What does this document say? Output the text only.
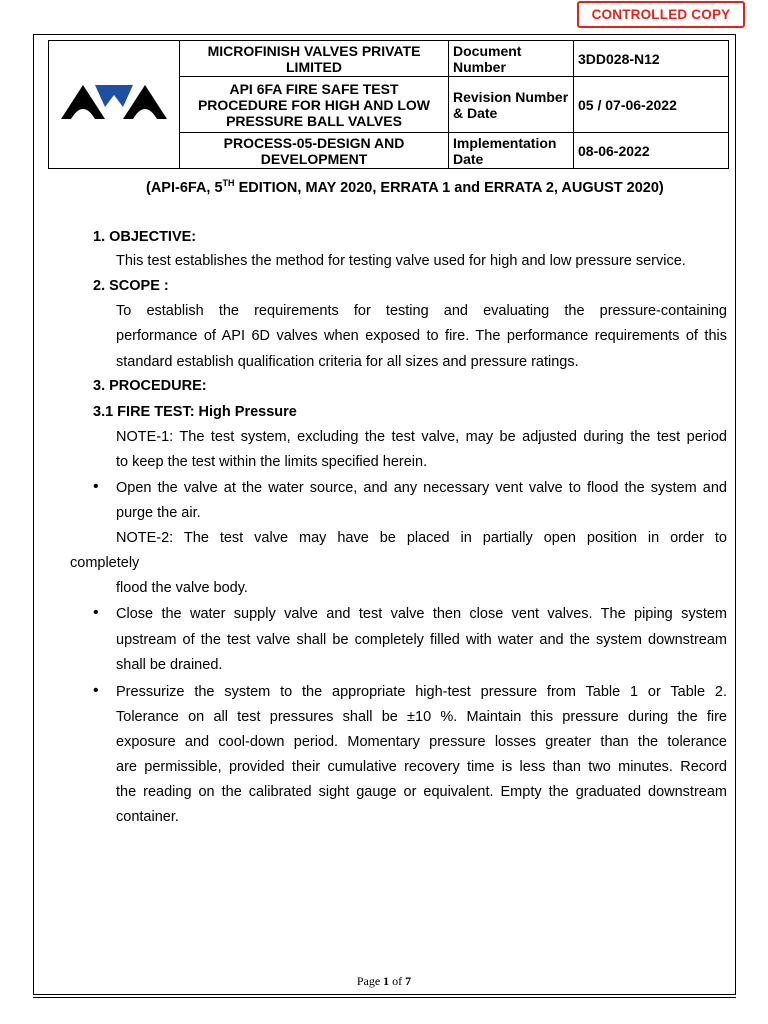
CONTROLLED COPY
	MICROFINISH VALVES PRIVATE LIMITED	Document Number	3DD028-N12
	API 6FA FIRE SAFE TEST PROCEDURE FOR HIGH AND LOW PRESSURE BALL VALVES	Revision Number & Date	05 / 07-06-2022
	PROCESS-05-DESIGN AND DEVELOPMENT	Implementation Date	08-06-2022
(API-6FA, 5TH EDITION, MAY 2020, ERRATA 1 and ERRATA 2, AUGUST 2020)
1. OBJECTIVE:
This test establishes the method for testing valve used for high and low pressure service.
2. SCOPE :
To establish the requirements for testing and evaluating the pressure-containing
performance of API 6D valves when exposed to fire. The performance requirements of this
standard establish qualification criteria for all sizes and pressure ratings.
3. PROCEDURE:
3.1 FIRE TEST: High Pressure
NOTE-1: The test system, excluding the test valve, may be adjusted during the test period
to keep the test within the limits specified herein.
• Open the valve at the water source, and any necessary vent valve to flood the system and
purge the air.
NOTE-2: The test valve may have be placed in partially open position in order to
completely
flood the valve body.
• Close the water supply valve and test valve then close vent valves. The piping system
upstream of the test valve shall be completely filled with water and the system downstream
shall be drained.
• Pressurize the system to the appropriate high-test pressure from Table 1 or Table 2.
Tolerance on all test pressures shall be ±10 %. Maintain this pressure during the fire
exposure and cool-down period. Momentary pressure losses greater than the tolerance
are permissible, provided their cumulative recovery time is less than two minutes. Record
the reading on the calibrated sight gauge or equivalent. Empty the graduated downstream
container.
Page 1 of 7
